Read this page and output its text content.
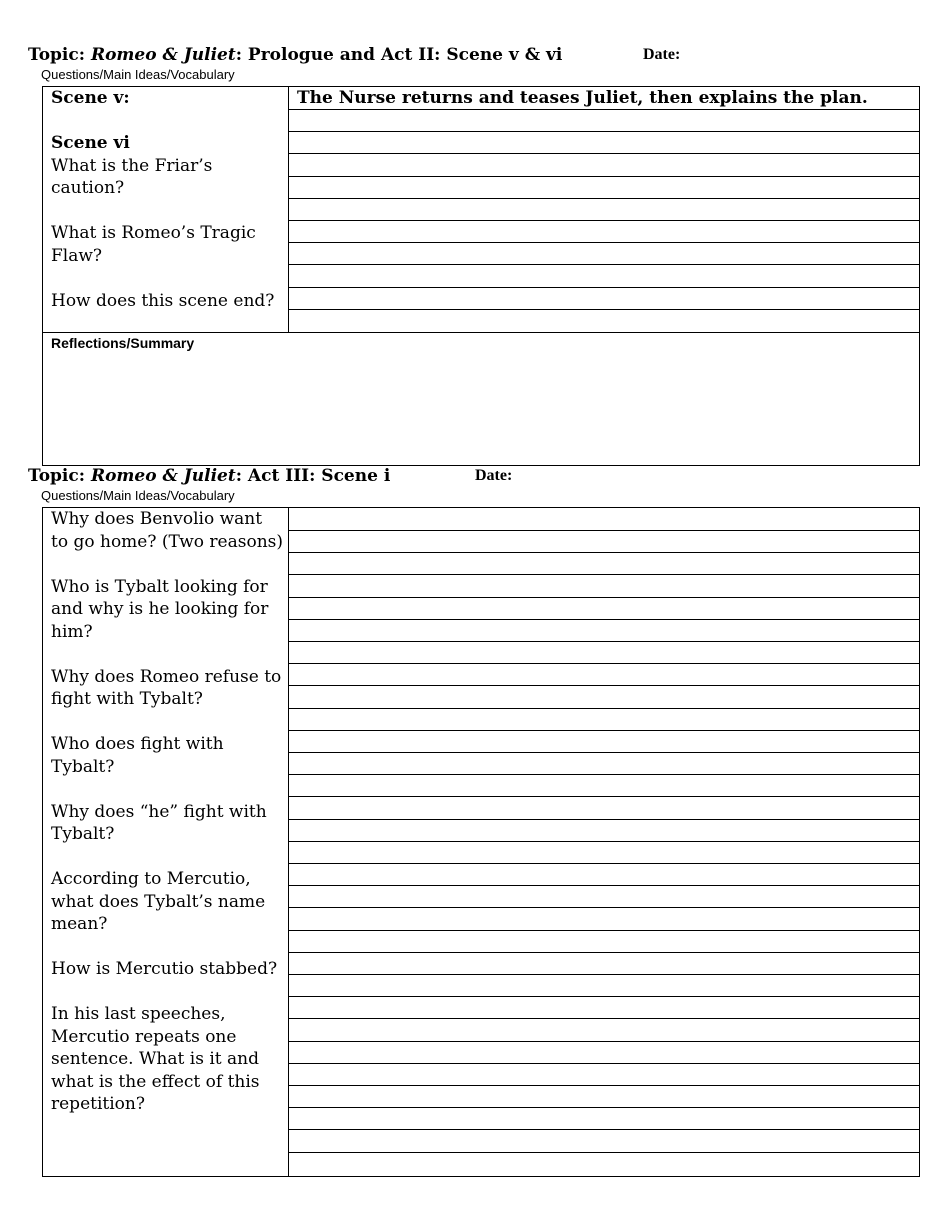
Topic: Romeo & Juliet: Prologue and Act II: Scene v & vi	Date:
Questions/Main Ideas/Vocabulary
Scene v:
Scene vi
What is the Friar’s caution?
What is Romeo’s Tragic Flaw?
How does this scene end?
The Nurse returns and teases Juliet, then explains the plan.
Reflections/Summary
Topic: Romeo & Juliet: Act III: Scene i	Date:
Questions/Main Ideas/Vocabulary
Why does Benvolio want to go home? (Two reasons)
Who is Tybalt looking for and why is he looking for him?
Why does Romeo refuse to fight with Tybalt?
Who does fight with Tybalt?
Why does “he” fight with Tybalt?
According to Mercutio, what does Tybalt’s name mean?
How is Mercutio stabbed?
In his last speeches, Mercutio repeats one sentence. What is it and what is the effect of this repetition?
